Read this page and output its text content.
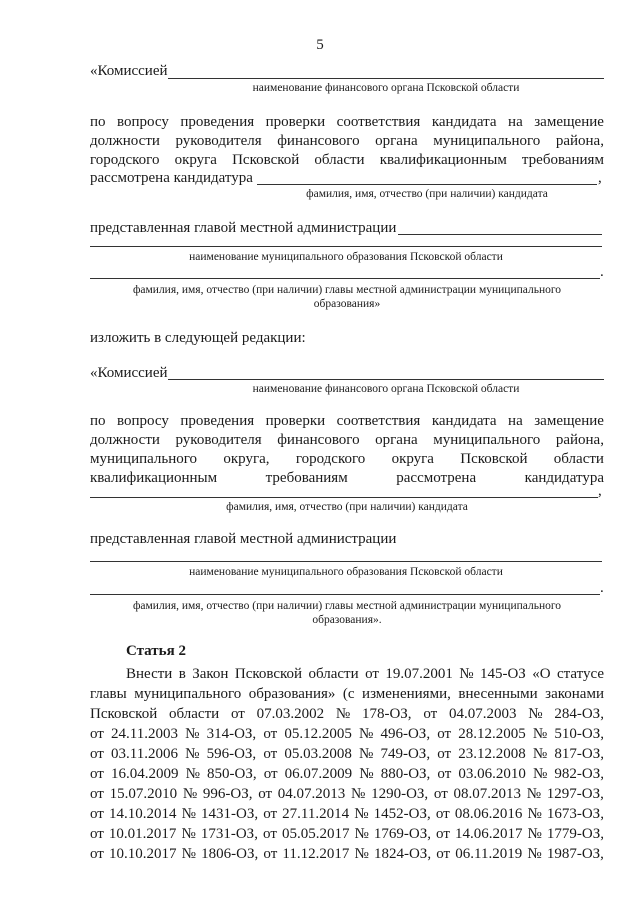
5
«Комиссией
наименование финансового органа Псковской области
по вопросу проведения проверки соответствия кандидата на замещение
должности руководителя финансового органа муниципального района,
городского округа Псковской области квалификационным требованиям
рассмотрена кандидатура	,
фамилия, имя, отчество (при наличии) кандидата
представленная главой местной администрации
наименование муниципального образования Псковской области
.
фамилия, имя, отчество (при наличии) главы местной администрации муниципального
образования»
изложить в следующей редакции:
«Комиссией
наименование финансового органа Псковской области
по вопросу проведения проверки соответствия кандидата на замещение
должности руководителя финансового органа муниципального района,
муниципального округа, городского округа Псковской области
квалификационным	требованиям	рассмотрена	кандидатура
,
фамилия, имя, отчество (при наличии) кандидата
представленная главой местной администрации
наименование муниципального образования Псковской области
.
фамилия, имя, отчество (при наличии) главы местной администрации муниципального
образования».
Статья 2
Внести в Закон Псковской области от 19.07.2001 № 145-ОЗ «О статусе
главы муниципального образования» (с изменениями, внесенными законами
Псковской области от 07.03.2002 № 178-ОЗ, от 04.07.2003 № 284-ОЗ,
от 24.11.2003 № 314-ОЗ, от 05.12.2005 № 496-ОЗ, от 28.12.2005 № 510-ОЗ,
от 03.11.2006 № 596-ОЗ, от 05.03.2008 № 749-ОЗ, от 23.12.2008 № 817-ОЗ,
от 16.04.2009 № 850-ОЗ, от 06.07.2009 № 880-ОЗ, от 03.06.2010 № 982-ОЗ,
от 15.07.2010 № 996-ОЗ, от 04.07.2013 № 1290-ОЗ, от 08.07.2013 № 1297-ОЗ,
от 14.10.2014 № 1431-ОЗ, от 27.11.2014 № 1452-ОЗ, от 08.06.2016 № 1673-ОЗ,
от 10.01.2017 № 1731-ОЗ, от 05.05.2017 № 1769-ОЗ, от 14.06.2017 № 1779-ОЗ,
от 10.10.2017 № 1806-ОЗ, от 11.12.2017 № 1824-ОЗ, от 06.11.2019 № 1987-ОЗ,
